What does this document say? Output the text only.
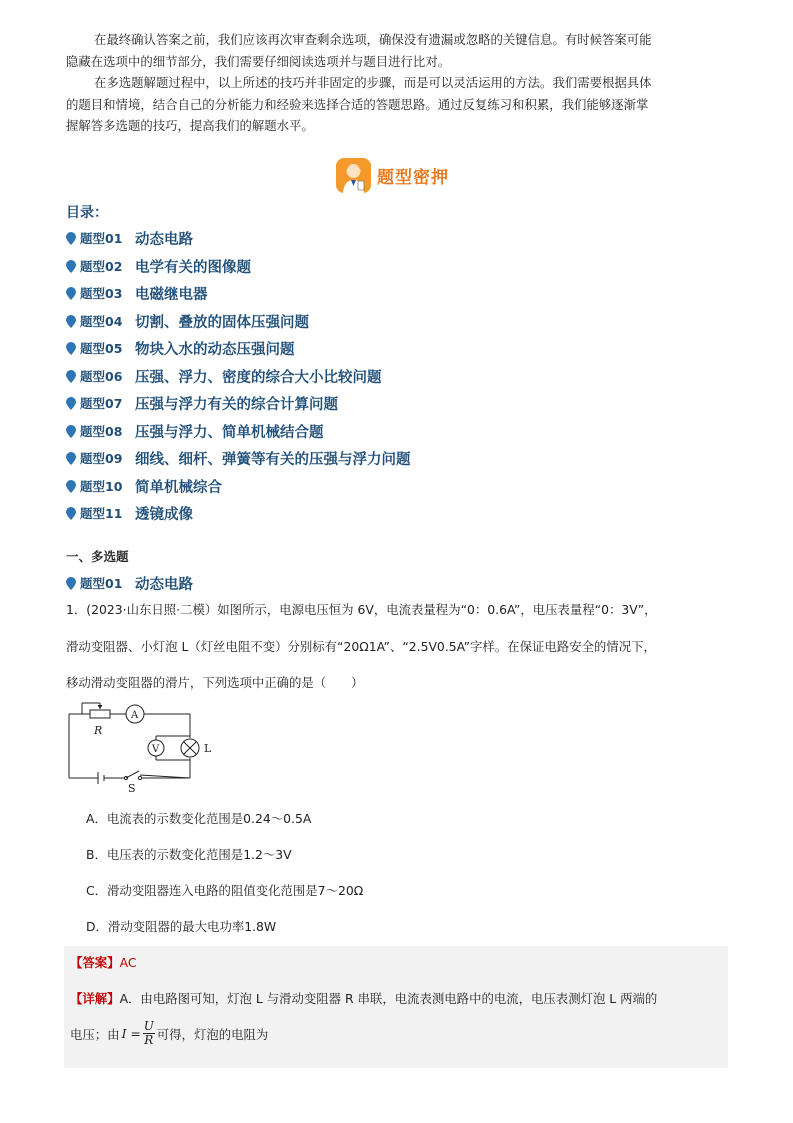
在最终确认答案之前，我们应该再次审查剩余选项，确保没有遗漏或忽略的关键信息。有时候答案可能
隐藏在选项中的细节部分，我们需要仔细阅读选项并与题目进行比对。
在多选题解题过程中，以上所述的技巧并非固定的步骤，而是可以灵活运用的方法。我们需要根据具体
的题目和情境，结合自己的分析能力和经验来选择合适的答题思路。通过反复练习和积累，我们能够逐渐掌
握解答多选题的技巧，提高我们的解题水平。
题型密押
目录：
题型01 动态电路
题型02 电学有关的图像题
题型03 电磁继电器
题型04 切割、叠放的固体压强问题
题型05 物块入水的动态压强问题
题型06 压强、浮力、密度的综合大小比较问题
题型07 压强与浮力有关的综合计算问题
题型08 压强与浮力、简单机械结合题
题型09 细线、细杆、弹簧等有关的压强与浮力问题
题型10 简单机械综合
题型11 透镜成像
一、多选题
题型01 动态电路
1．(2023·山东日照·二模）如图所示，电源电压恒为 6V，电流表量程为“0：0.6A”，电压表量程“0：3V”，
滑动变阻器、小灯泡 L（灯丝电阻不变）分别标有“20Ω1A”、“2.5V0.5A”字样。在保证电路安全的情况下，
移动滑动变阻器的滑片，下列选项中正确的是（　　）
R
A
V	L
S
A．电流表的示数变化范围是0.24～0.5A
B．电压表的示数变化范围是1.2～3V
C．滑动变阻器连入电路的阻值变化范围是7～20Ω
D．滑动变阻器的最大电功率1.8W
【答案】AC
【详解】A．由电路图可知，灯泡 L 与滑动变阻器 R 串联，电流表测电路中的电流，电压表测灯泡 L 两端的
电压；由 $I = \frac{U}{R}$ 可得，灯泡的电阻为
